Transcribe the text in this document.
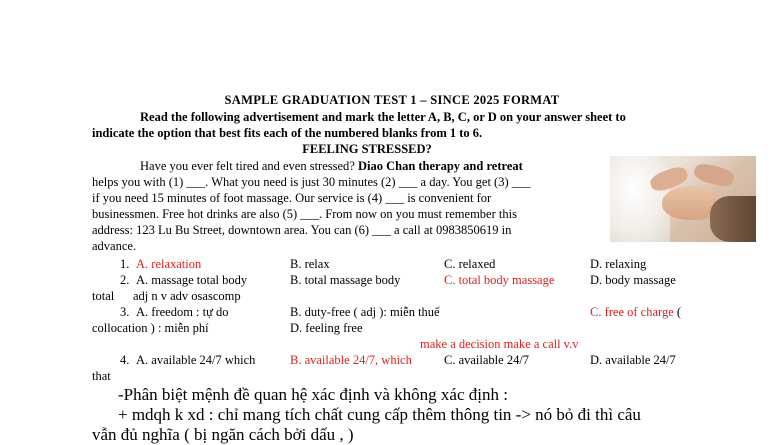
SAMPLE GRADUATION TEST 1 – SINCE 2025 FORMAT
Read the following advertisement and mark the letter A, B, C, or D on your answer sheet to
indicate the option that best fits each of the numbered blanks from 1 to 6.
FEELING STRESSED?
Have you ever felt tired and even stressed? Diao Chan therapy and retreat
helps you with (1) ___. What you need is just 30 minutes (2) ___ a day. You get (3) ___
if you need 15 minutes of foot massage. Our service is (4) ___ is convenient for
businessmen. Free hot drinks are also (5) ___. From now on you must remember this
address: 123 Lu Bu Street, downtown area. You can (6) ___ a call at 0983850619 in
advance.
1. A. relaxation	B. relax	C. relaxed	D. relaxing
2. A. massage total body	B. total massage body	C. total body massage	D. body massage
total      adj n v adv osascomp
3. A. freedom : tự do	B. duty-free ( adj ): miễn thuế	C. free of charge (
collocation ) : miễn phí	D. feeling free
make a decision make a call v.v
4. A. available 24/7 which	B. available 24/7, which	C. available 24/7	D. available 24/7
that
-Phân biệt mệnh đề quan hệ xác định và không xác định :
+ mdqh k xd : chỉ mang tích chất cung cấp thêm thông tin -> nó bỏ đi thì câu
vẫn đủ nghĩa ( bị ngăn cách bởi dấu , )
